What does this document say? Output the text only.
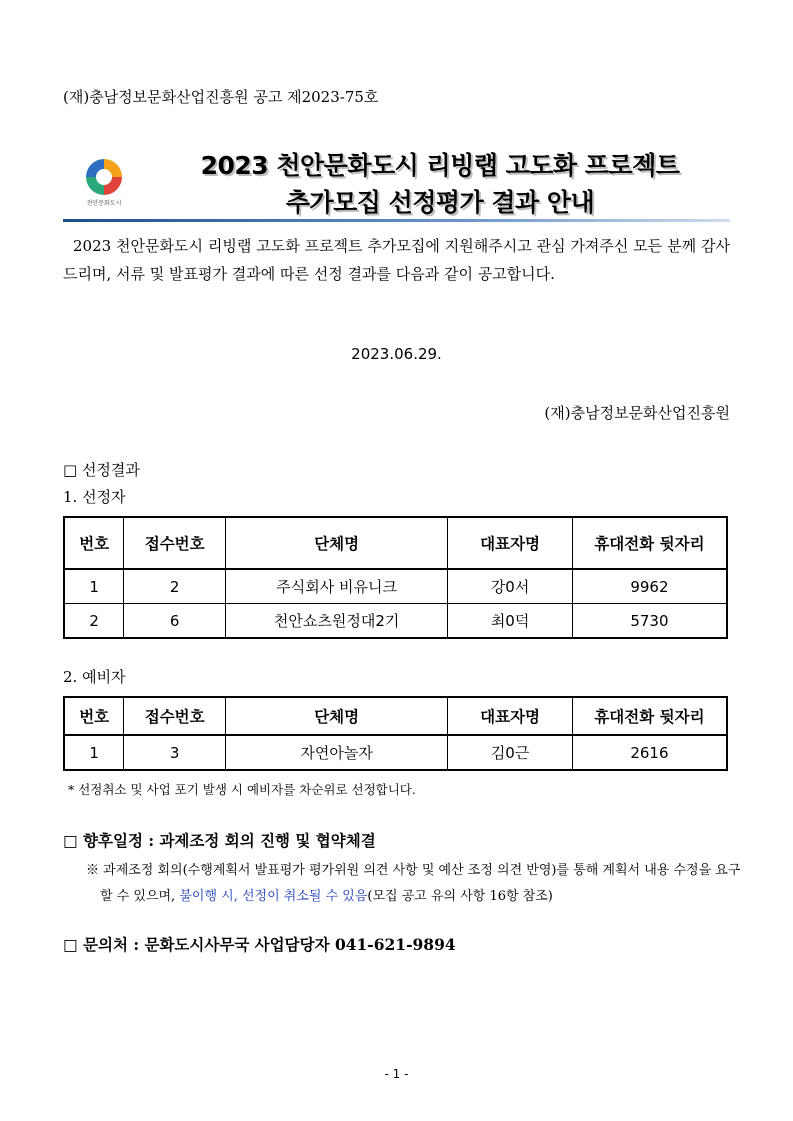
(재)충남정보문화산업진흥원 공고 제2023-75호
천안문화도시
2023 천안문화도시 리빙랩 고도화 프로젝트
추가모집 선정평가 결과 안내
2023 천안문화도시 리빙랩 고도화 프로젝트 추가모집에 지원해주시고 관심 가져주신 모든 분께 감사드리며, 서류 및 발표평가 결과에 따른 선정 결과를 다음과 같이 공고합니다.
2023.06.29.
(재)충남정보문화산업진흥원
□ 선정결과
1. 선정자
번호	접수번호	단체명	대표자명	휴대전화 뒷자리
1	2	주식회사 비유니크	강0서	9962
2	6	천안쇼츠원정대2기	최0덕	5730
2. 예비자
번호	접수번호	단체명	대표자명	휴대전화 뒷자리
1	3	자연아놀자	김0근	2616
* 선정취소 및 사업 포기 발생 시 예비자를 차순위로 선정합니다.
□ 향후일정 : 과제조정 회의 진행 및 협약체결
※ 과제조정 회의(수행계획서 발표평가 평가위원 의견 사항 및 예산 조정 의견 반영)를 통해 계획서 내용 수정을 요구할 수 있으며, 불이행 시, 선정이 취소될 수 있음(모집 공고 유의 사항 16항 참조)
□ 문의처 : 문화도시사무국 사업담당자 041-621-9894
- 1 -
